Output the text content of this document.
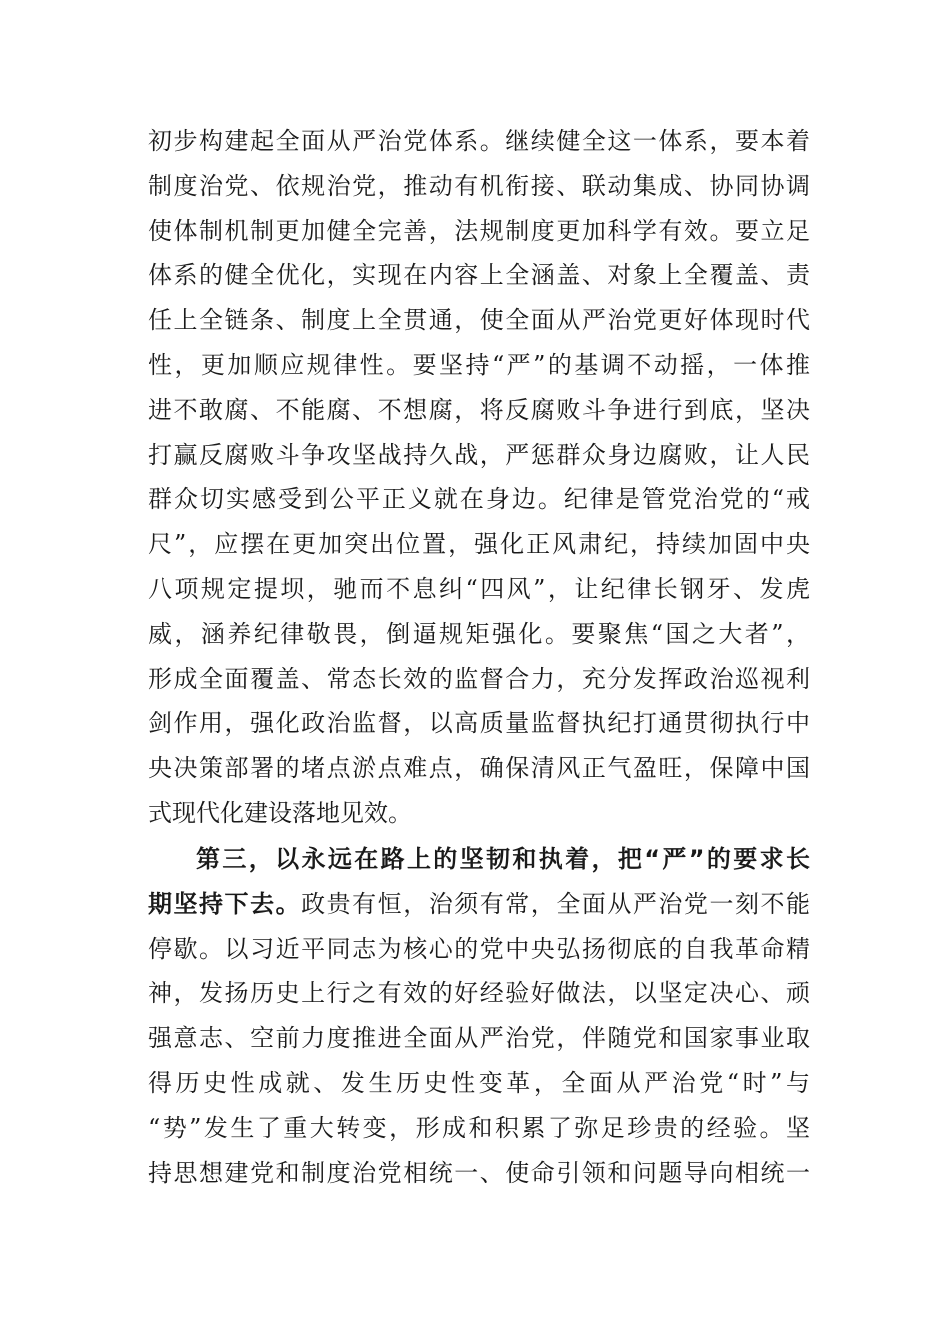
初步构建起全面从严治党体系。继续健全这一体系，要本着
制度治党、依规治党，推动有机衔接、联动集成、协同协调
使体制机制更加健全完善，法规制度更加科学有效。要立足
体系的健全优化，实现在内容上全涵盖、对象上全覆盖、责
任上全链条、制度上全贯通，使全面从严治党更好体现时代
性，更加顺应规律性。要坚持“严”的基调不动摇，一体推
进不敢腐、不能腐、不想腐，将反腐败斗争进行到底，坚决
打赢反腐败斗争攻坚战持久战，严惩群众身边腐败，让人民
群众切实感受到公平正义就在身边。纪律是管党治党的“戒
尺”，应摆在更加突出位置，强化正风肃纪，持续加固中央
八项规定提坝，驰而不息纠“四风”，让纪律长钢牙、发虎
威，涵养纪律敬畏，倒逼规矩强化。要聚焦“国之大者”，
形成全面覆盖、常态长效的监督合力，充分发挥政治巡视利
剑作用，强化政治监督，以高质量监督执纪打通贯彻执行中
央决策部署的堵点淤点难点，确保清风正气盈旺，保障中国
式现代化建设落地见效。
第三，以永远在路上的坚韧和执着，把“严”的要求长
期坚持下去。政贵有恒，治须有常，全面从严治党一刻不能
停歇。以习近平同志为核心的党中央弘扬彻底的自我革命精
神，发扬历史上行之有效的好经验好做法，以坚定决心、顽
强意志、空前力度推进全面从严治党，伴随党和国家事业取
得历史性成就、发生历史性变革，全面从严治党“时”与
“势”发生了重大转变，形成和积累了弥足珍贵的经验。坚
持思想建党和制度治党相统一、使命引领和问题导向相统一
